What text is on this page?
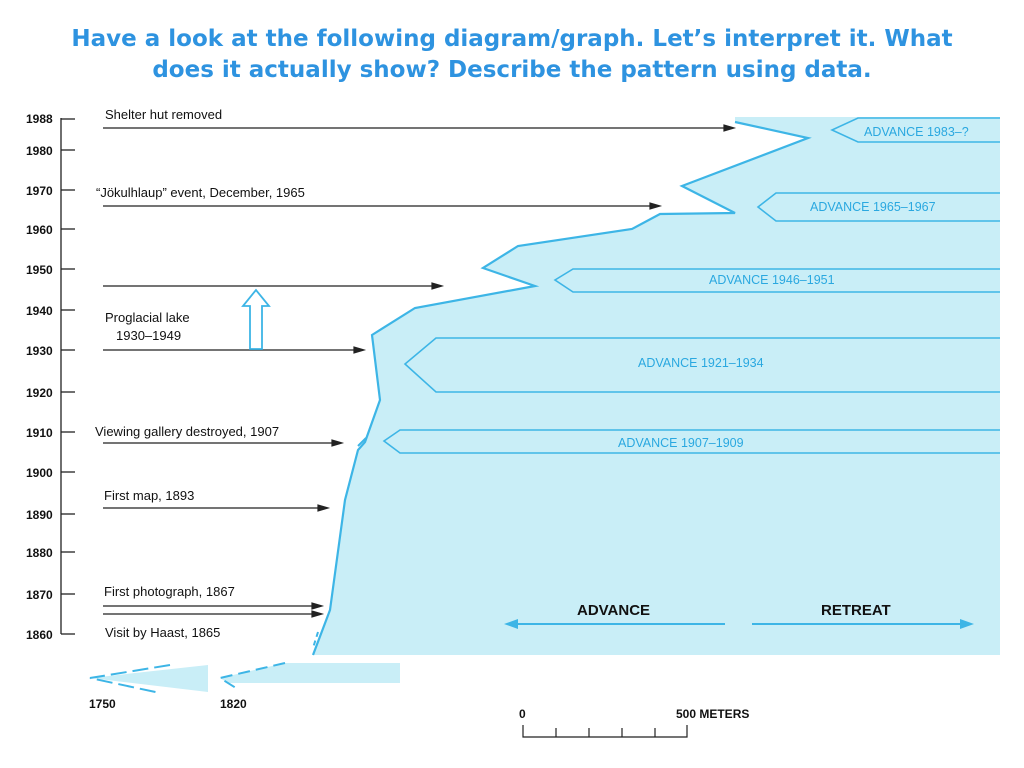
Have a look at the following diagram/graph. Let’s interpret it. What
does it actually show? Describe the pattern using data.
1988
1980
1970
1960
1950
1940
1930
1920
1910
1900
1890
1880
1870
1860
Shelter hut removed
“Jökulhlaup” event, December, 1965
Proglacial lake
1930–1949
Viewing gallery destroyed, 1907
First map, 1893
First photograph, 1867
Visit by Haast, 1865
ADVANCE 1983–?
ADVANCE 1965–1967
ADVANCE 1946–1951
ADVANCE 1921–1934
ADVANCE 1907–1909
ADVANCE	RETREAT
1750	1820
0	500 METERS
